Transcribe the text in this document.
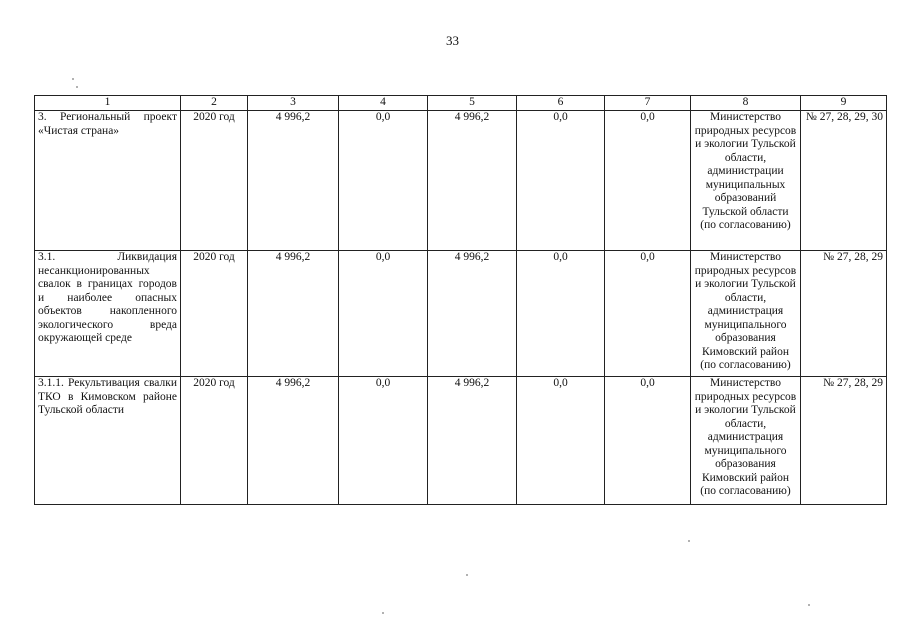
33
1	2	3	4	5	6	7	8	9
3. Региональный проект «Чистая страна»	2020 год	4 996,2	0,0	4 996,2	0,0	0,0	Министерство природных ресурсов и экологии Тульской области, администрации муниципальных образований Тульской области (по согласованию)	№ 27, 28, 29, 30
3.1. Ликвидация несанкционированных свалок в границах городов и наиболее опасных объектов накопленного экологического вреда окружающей среде	2020 год	4 996,2	0,0	4 996,2	0,0	0,0	Министерство природных ресурсов и экологии Тульской области, администрация муниципального образования Кимовский район (по согласованию)	№ 27, 28, 29
3.1.1. Рекультивация свалки ТКО в Кимовском районе Тульской области	2020 год	4 996,2	0,0	4 996,2	0,0	0,0	Министерство природных ресурсов и экологии Тульской области, администрация муниципального образования Кимовский район (по согласованию)	№ 27, 28, 29
